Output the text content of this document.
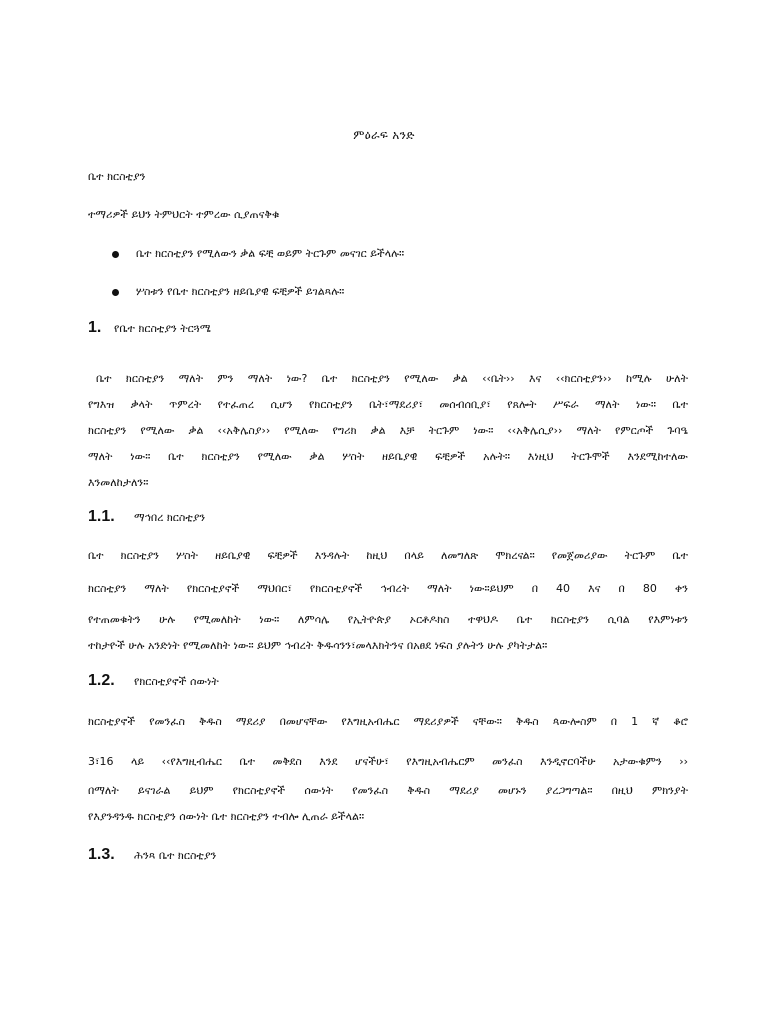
ምዕራፍ አንድ
ቤተ ክርስቲያን
ተማሪዎች ይህን ትምህርት ተምረው ሲያጠናቅቁ
ቤተ ክርስቲያን የሚለውን ቃል ፍቺ ወይም ትርጉም መናገር ይችላሉ።
ሦስቱን የቤተ ክርስቲያን ዘይቤያዊ ፍቺዎች ይገልጻሉ።
1. የቤተ ክርስቲያን ትርጓሜ
ቤተ ክርስቲያን ማለት ምን ማለት ነው? ቤተ ክርስቲያን የሚለው ቃል ‹‹ቤት›› እና ‹‹ክርስቲያን›› ከሚሉ ሁለት
የግእዝ ቃላት ጥምረት የተፈጠረ ሲሆን የክርስቲያን ቤት፣ማደሪያ፣ መሰብሰቢያ፣ የጸሎት ሥፍራ ማለት ነው። ቤተ
ክርስቲያን የሚለው ቃል ‹‹አቅሌስያ›› የሚለው የግሪክ ቃል እቻ ትርጉም ነው። ‹‹አቅሌሲያ›› ማለት የምርጦች ጉባዔ
ማለት ነው። ቤተ ክርስቲያን የሚለው ቃል ሦስት ዘይቤያዊ ፍቺዎች አሉት። እነዚህ ትርጉሞች እንደሚከተለው
እንመለከታለን።
1.1. ማኅበረ ክርስቲያን
ቤተ ክርስቲያን ሦስት ዘይቤያዊ ፍቺዎች እንዳሉት ከዚህ በላይ ለመግለጽ ሞክረናል። የመጀመሪያው ትርጉም ቤተ
ክርስቲያን ማለት የክርስቲያኖች ማህበር፣ የክርስቲያኖች ኅብረት ማለት ነው።ይህም በ 40 እና በ 80 ቀን
የተጠመቁትን ሁሉ የሚመለከት ነው። ለምሳሌ የኢትዮጵያ ኦርቶዶክስ ተዋህዶ ቤተ ክርስቲያን ሲባል የእምነቱን
ተከታዮች ሁሉ አንድነት የሚመለከት ነው። ይህም ኅብረት ቅዱሳንን፣መላእክትንና በአፀደ ነፍስ ያሉትን ሁሉ ያካትታል።
1.2. የክርስቲያኖች ሰውነት
ክርስቲያኖች የመንፈስ ቅዱስ ማደሪያ በመሆናቸው የእግዚአብሔር ማደሪያዎች ናቸው። ቅዱስ ጳውሎስም በ 1 ኛ ቆሮ
3፣16 ላይ ‹‹የእግዚብሔር ቤተ መቅደስ እንደ ሆናችሁ፣ የእግዚአብሔርም መንፈስ እንዲኖርባችሁ አታውቁምን ››
በማለት ይናገራል ይህም የክርስቲያኖች ሰውነት የመንፈስ ቅዱስ ማደሪያ መሆኑን ያረጋግጣል። በዚህ ምክንያት
የእያንዳንዱ ክርስቲያን ሰውነት ቤተ ክርስቲያን ተብሎ ሊጠራ ይችላል።
1.3. ሕንጻ ቤተ ክርስቲያን
